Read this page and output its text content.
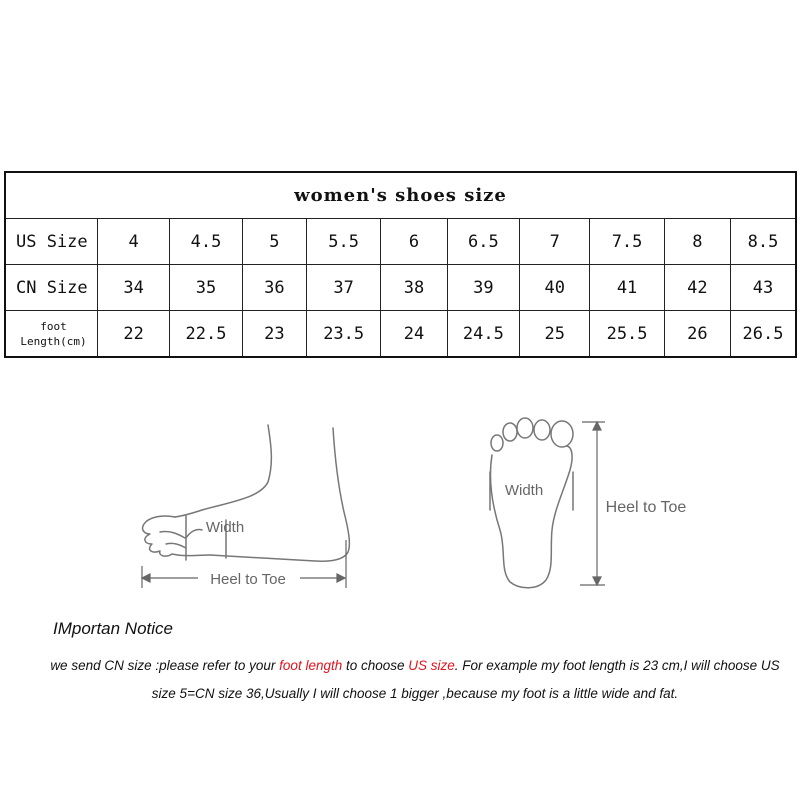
women's shoes size										
US Size	4	4.5	5	5.5	6	6.5	7	7.5	8	8.5
CN Size	34	35	36	37	38	39	40	41	42	43

foot
Length(cm)	22	22.5	23	23.5	24	24.5	25	25.5	26	26.5
Heel to Toe
Width
Width
Heel to Toe
IMportan Notice
we send CN size :please refer to your foot length to choose US size. For example my foot length is 23 cm,I will choose US size 5=CN size 36,Usually I will choose 1 bigger ,because my foot is a little wide and fat.
